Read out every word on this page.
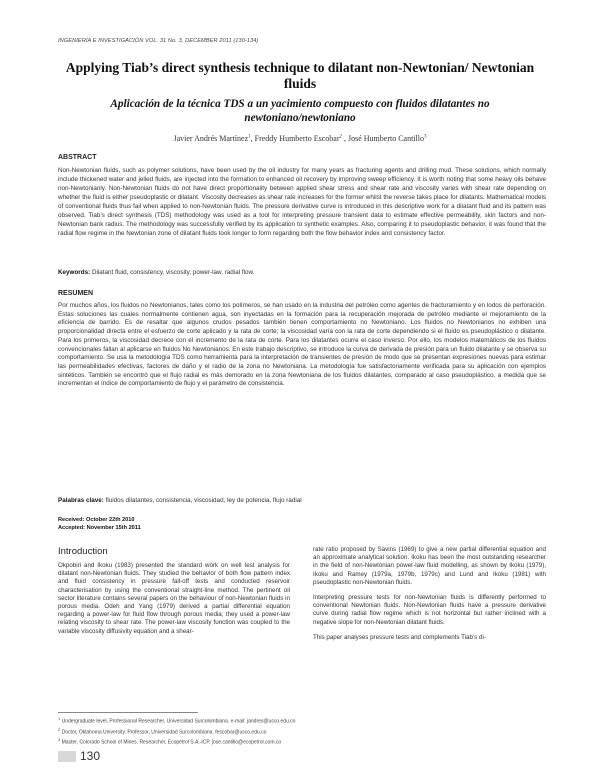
INGENIERÍA E INVESTIGACIÓN VOL. 31 No. 3, DECEMBER 2011 (130-134)
Applying Tiab’s direct synthesis technique to dilatant non-Newtonian/ Newtonian fluids
Aplicación de la técnica TDS a un yacimiento compuesto con fluidos dilatantes no newtoniano/newtoniano
Javier Andrés Martínez$^1$, Freddy Humberto Escobar$^2$ , José Humberto Cantillo$^3$
ABSTRACT
Non-Newtonian fluids, such as polymer solutions, have been used by the oil industry for many years as fracturing agents and drilling mud. These solutions, which normally include thickened water and jelled fluids, are injected into the formation to enhanced oil recovery by improving sweep efficiency. It is worth noting that some heavy oils behave non-Newtonianly. Non-Newtonian fluids do not have direct proportionality between applied shear stress and shear rate and viscosity varies with shear rate depending on whether the fluid is either pseudoplastic or dilatant. Viscosity decreases as shear rate increases for the former whilst the reverse takes place for dilatants. Mathematical models of conventional fluids thus fail when applied to non-Newtonian fluids. The pressure derivative curve is introduced in this descriptive work for a dilatant fluid and its pattern was observed. Tiab’s direct synthesis (TDS) methodology was used as a tool for interpreting pressure transient data to estimate effective permeability, skin factors and non-Newtonian bank radius. The methodology was successfully verified by its application to synthetic examples. Also, comparing it to pseudoplastic behavior, it was found that the radial flow regime in the Newtonian zone of dilatant fluids took longer to form regarding both the flow behavior index and consistency factor.
Keywords: Dilatant fluid, consistency, viscosity, power-law, radial flow.
RESUMEN
Por muchos años, los fluidos no Newtonianos, tales como los polímeros, se han usado en la industria del petróleo como agentes de fracturamiento y en lodos de perforación. Estas soluciones las cuales normalmente contienen agua, son inyectadas en la formación para la recuperación mejorada de petróleo mediante el mejoramiento de la eficiencia de barrido. Es de resaltar que algunos crudos pesados también tienen comportamiento no Newtoniano. Los fluidos no Newtonianos no exhiben una proporcionalidad directa entre el esfuerzo de corte aplicado y la rata de corte; la viscosidad varía con la rata de corte dependiendo si el fluido es pseudoplástico o dilatante. Para los primeros, la viscosidad decrece con el incremento de la rata de corte. Para los dilatantes ocurre el caso inverso. Por ello, los modelos matemáticos de los fluidos convencionales fallan al aplicarse en fluidos No Newtonianos. En este trabajo descriptivo, se introduce la curva de derivada de presión para un fluido dilatante y se observa su comportamiento. Se usa la metodología TDS como herramienta para la interpretación de transientes de presión de modo que se presentan expresiones nuevas para estimar las permeabilidades efectivas, factores de daño y el radio de la zona no Newtoniana. La metodología fue satisfactoriamente verificada para su aplicación con ejemplos sintéticos. También se encontró que el flujo radial es más demorado en la zona Newtoniana de los fluidos dilatantes, comparado al caso pseudoplástico, a medida que se incrementan el índice de comportamiento de flujo y el parámetro de consistencia.
Palabras clave: fluidos dilatantes, consistencia, viscosidad, ley de potencia, flujo radial
Received: October 22th 2010
Accepted: November 15th 2011
Introduction

Okpobiri and Ikoku (1983) presented the standard work on well test analysis for dilatant non-Newtonian fluids. They studied the behavior of both flow pattern index and fluid consistency in pressure fall-off tests and conducted reservoir characterisation by using the conventional straight-line method. The pertinent oil sector literature contains several papers on the behaviour of non-Newtonian fluids in porous media. Odeh and Yang (1979) derived a partial differential equation regarding a power-law for fluid flow through porous media; they used a power-law relating viscosity to shear rate. The power-law viscosity function was coupled to the variable viscosity diffusivity equation and a shear-

rate ratio proposed by Savins (1969) to give a new partial differential equation and an approximate analytical solution. Ikoku has been the most outstanding researcher in the field of non-Newtonian power-law fluid modelling, as shown by Ikoku (1979), Ikoku and Ramey (1979a, 1979b, 1979c) and Lund and Ikoku (1981) with pseudoplastic non-Newtonian fluids.

Interpreting pressure tests for non-Newtonian fluids is differently performed to conventional Newtonian fluids. Non-Newtonian fluids have a pressure derivative curve during radial flow regime which is not horizontal but rather inclined with a negative slope for non-Newtonian dilatant fluids.

This paper analyses pressure tests and complements Tiab’s di-

$^1$ Undergraduate level, Professional Researcher, Universidad Surcolombiana. e-mail: jandres@usco.edu.co
$^2$ Doctor, Oklahoma University. Professor, Universidad Surcolombiana. fescobar@usco.edu.co
$^3$ Master, Colorado School of Mines. Researcher, Ecopetrol S.A.-ICP. jose.cantillo@ecopetrol.com.co
130
